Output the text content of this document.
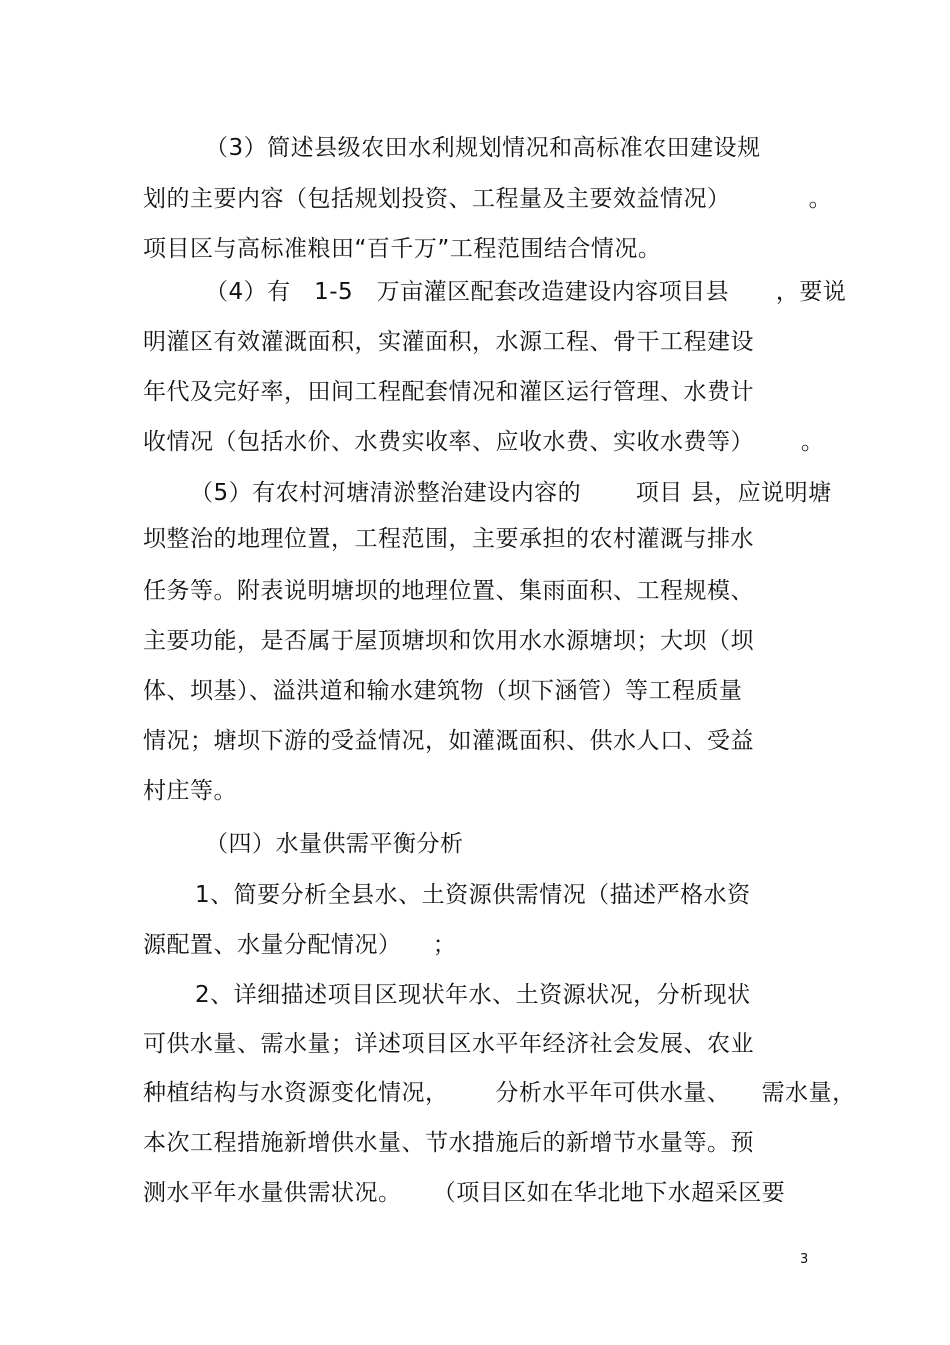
（3）简述县级农田水利规划情况和高标准农田建设规
划的主要内容（包括规划投资、工程量及主要效益情况）          。
项目区与高标准粮田“百千万”工程范围结合情况。
（4）有   1-5   万亩灌区配套改造建设内容项目县      ，要说
明灌区有效灌溉面积，实灌面积，水源工程、骨干工程建设
年代及完好率，田间工程配套情况和灌区运行管理、水费计
收情况（包括水价、水费实收率、应收水费、实收水费等）      。
（5）有农村河塘清淤整治建设内容的       项目 县，应说明塘
坝整治的地理位置，工程范围，主要承担的农村灌溉与排水
任务等。附表说明塘坝的地理位置、集雨面积、工程规模、
主要功能，是否属于屋顶塘坝和饮用水水源塘坝；大坝（坝
体、坝基）、溢洪道和输水建筑物（坝下涵管）等工程质量
情况；塘坝下游的受益情况，如灌溉面积、供水人口、受益
村庄等。
（四）水量供需平衡分析
1、简要分析全县水、土资源供需情况（描述严格水资
源配置、水量分配情况）    ；
2、详细描述项目区现状年水、土资源状况，分析现状
可供水量、需水量；详述项目区水平年经济社会发展、农业
种植结构与水资源变化情况，      分析水平年可供水量、    需水量，
本次工程措施新增供水量、节水措施后的新增节水量等。预
测水平年水量供需状况。    （项目区如在华北地下水超采区要
3
